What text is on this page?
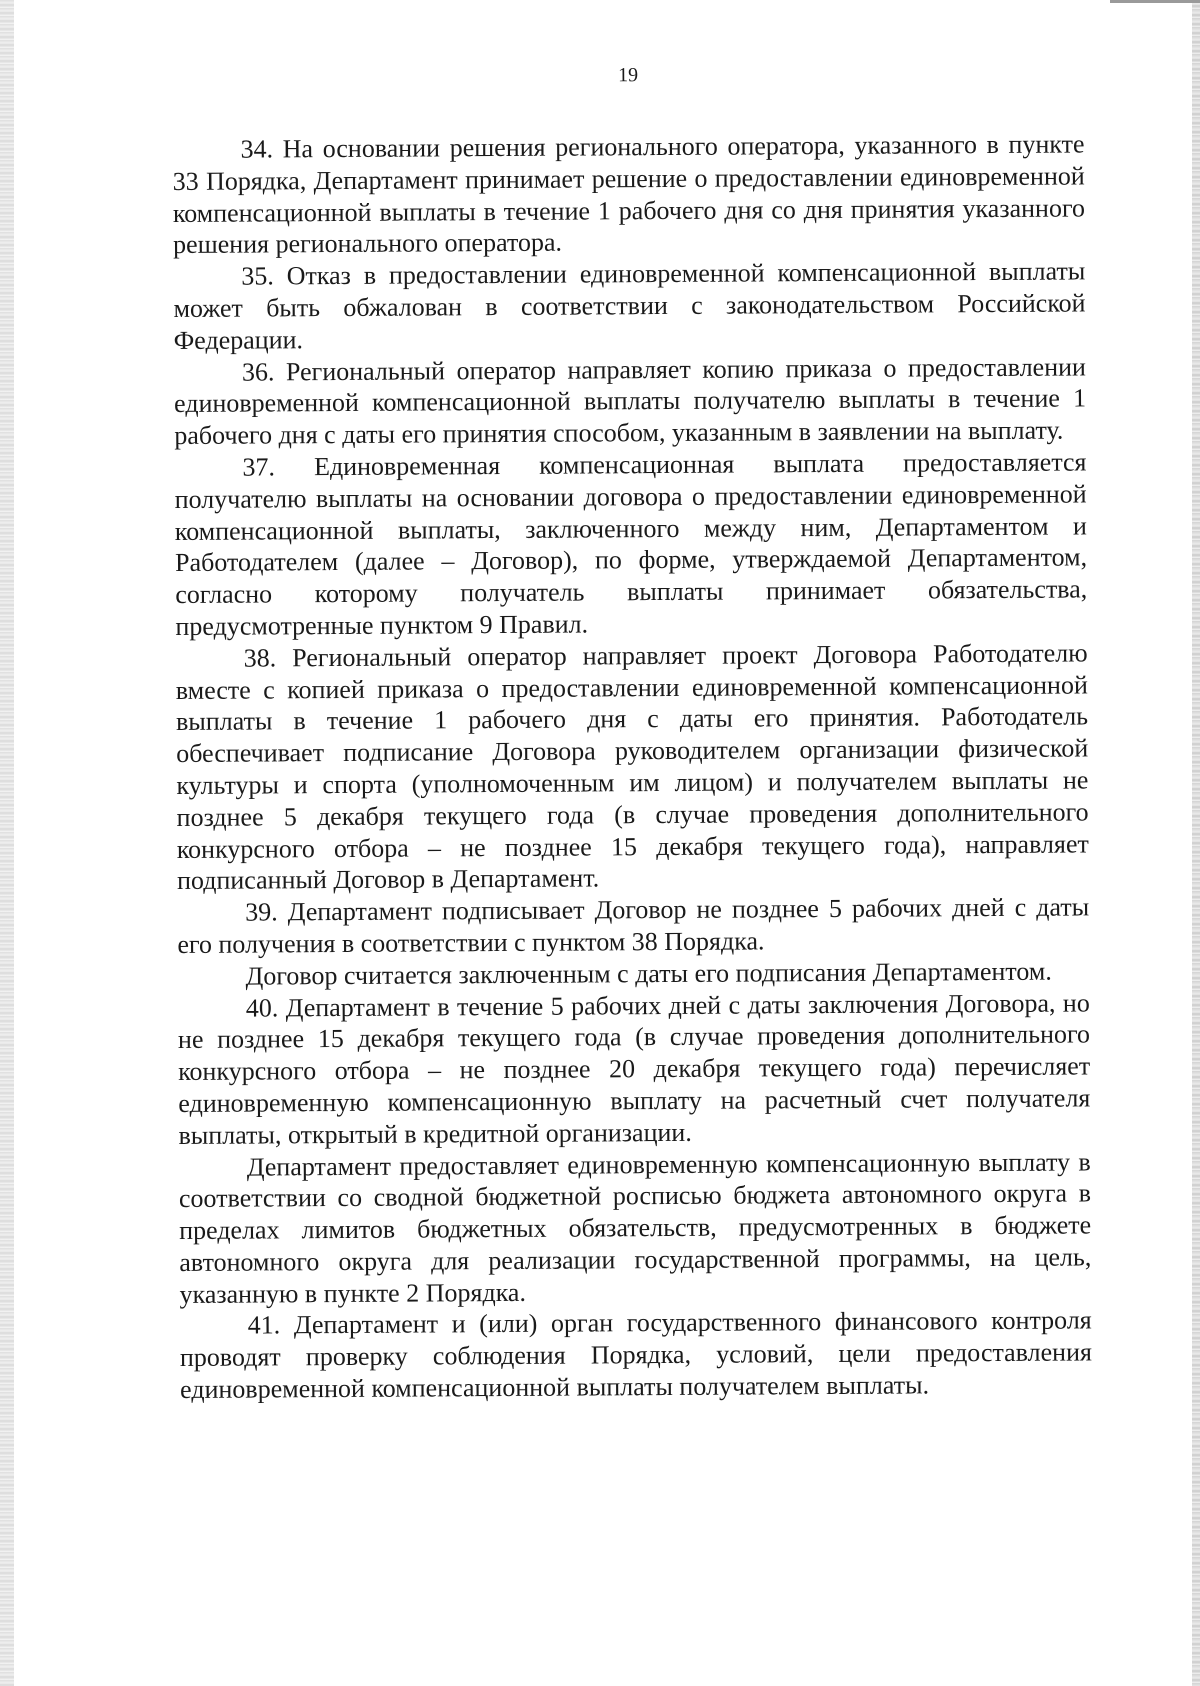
19

34. На основании решения регионального оператора, указанного в пункте 33 Порядка, Департамент принимает решение о предоставлении единовременной компенсационной выплаты в течение 1 рабочего дня со дня принятия указанного решения регионального оператора.

35. Отказ в предоставлении единовременной компенсационной выплаты может быть обжалован в соответствии с законодательством Российской Федерации.

36. Региональный оператор направляет копию приказа о предоставлении единовременной компенсационной выплаты получателю выплаты в течение 1 рабочего дня с даты его принятия способом, указанным в заявлении на выплату.

37. Единовременная компенсационная выплата предоставляется получателю выплаты на основании договора о предоставлении единовременной компенсационной выплаты, заключенного между ним, Департаментом и Работодателем (далее – Договор), по форме, утверждаемой Департаментом, согласно которому получатель выплаты принимает обязательства, предусмотренные пунктом 9 Правил.

38. Региональный оператор направляет проект Договора Работодателю вместе с копией приказа о предоставлении единовременной компенсационной выплаты в течение 1 рабочего дня с даты его принятия. Работодатель обеспечивает подписание Договора руководителем организации физической культуры и спорта (уполномоченным им лицом) и получателем выплаты не позднее 5 декабря текущего года (в случае проведения дополнительного конкурсного отбора – не позднее 15 декабря текущего года), направляет подписанный Договор в Департамент.

39. Департамент подписывает Договор не позднее 5 рабочих дней с даты его получения в соответствии с пунктом 38 Порядка.

Договор считается заключенным с даты его подписания Департаментом.

40. Департамент в течение 5 рабочих дней с даты заключения Договора, но не позднее 15 декабря текущего года (в случае проведения дополнительного конкурсного отбора – не позднее 20 декабря текущего года) перечисляет единовременную компенсационную выплату на расчетный счет получателя выплаты, открытый в кредитной организации.

Департамент предоставляет единовременную компенсационную выплату в соответствии со сводной бюджетной росписью бюджета автономного округа в пределах лимитов бюджетных обязательств, предусмотренных в бюджете автономного округа для реализации государственной программы, на цель, указанную в пункте 2 Порядка.

41. Департамент и (или) орган государственного финансового контроля проводят проверку соблюдения Порядка, условий, цели предоставления единовременной компенсационной выплаты получателем выплаты.
